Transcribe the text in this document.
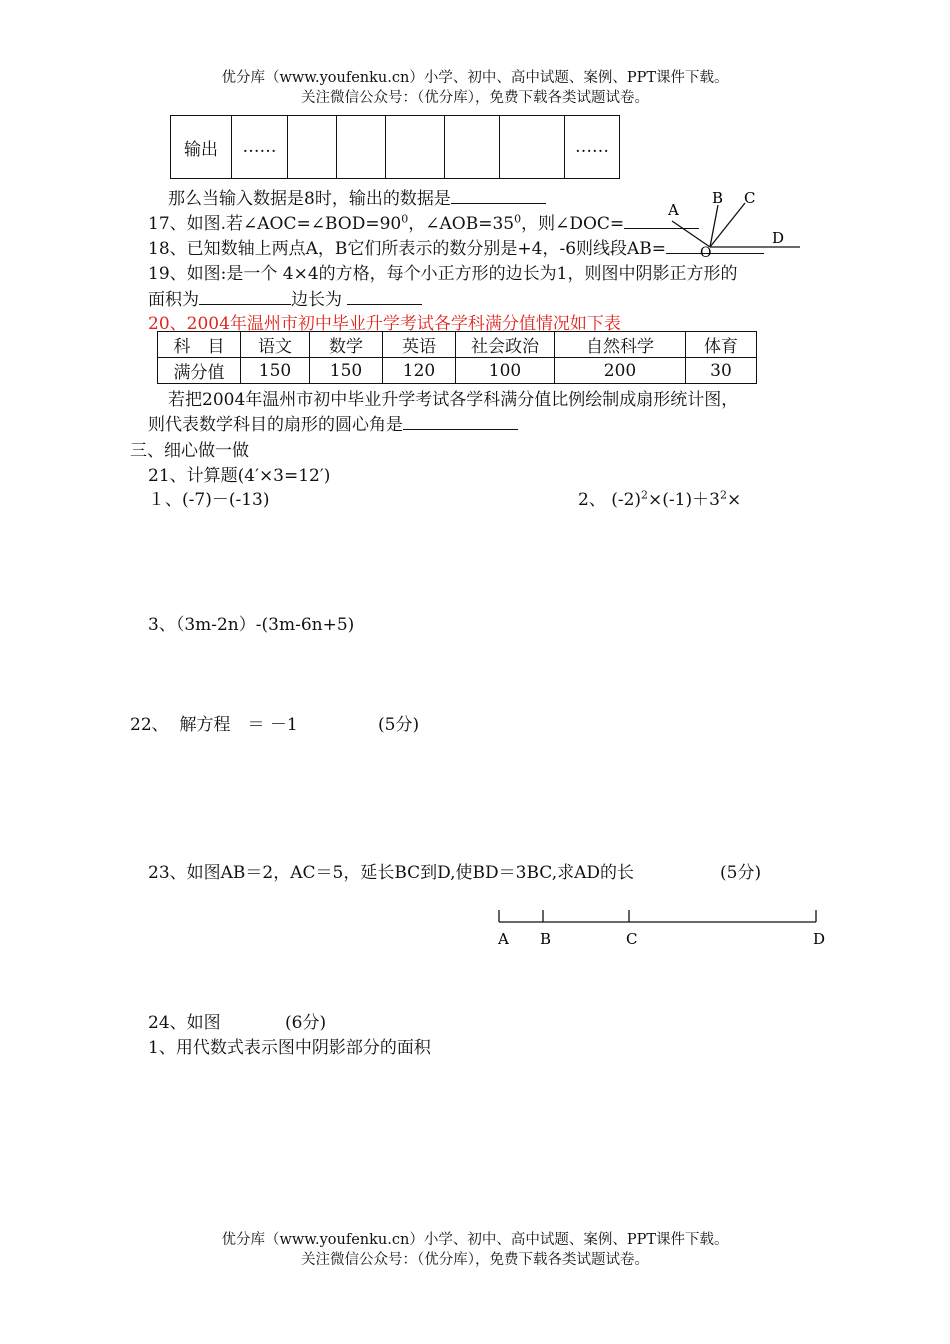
优分库（www.youfenku.cn）小学、初中、高中试题、案例、PPT课件下载。
关注微信公众号：（优分库），免费下载各类试题试卷。
输出	……						……
那么当输入数据是8时，输出的数据是
17、如图.若$\angle AOC=\angle BOD=90^0$，$\angle AOB=35^0$，则∠DOC=
A
B C
D
O
18、已知数轴上两点A，B它们所表示的数分别是+4，-6则线段AB=
19、如图:是一个 4×4的方格，每个小正方形的边长为1，则图中阴影正方形的
面积为	边长为
20、2004年温州市初中毕业升学考试各学科满分值情况如下表
科　目	语文	数学	英语	社会政治	自然科学	体育
满分值	150	150	120	100	200	30
若把2004年温州市初中毕业升学考试各学科满分值比例绘制成扇形统计图，
则代表数学科目的扇形的圆心角是
三、细心做一做
21、计算题(4′×3=12′)
１、(-7)－(-13)	2、 $(-2)^2\times(-1)+3^2\times$
3、（3m-2n）-(3m-6n+5)
22、 解方程　＝ －1	(5分)
23、如图AB＝2，AC＝5，延长BC到D,使BD＝3BC,求AD的长	(5分)
A B	C	D
24、如图	(6分)
1、用代数式表示图中阴影部分的面积
优分库（www.youfenku.cn）小学、初中、高中试题、案例、PPT课件下载。
关注微信公众号：（优分库），免费下载各类试题试卷。
